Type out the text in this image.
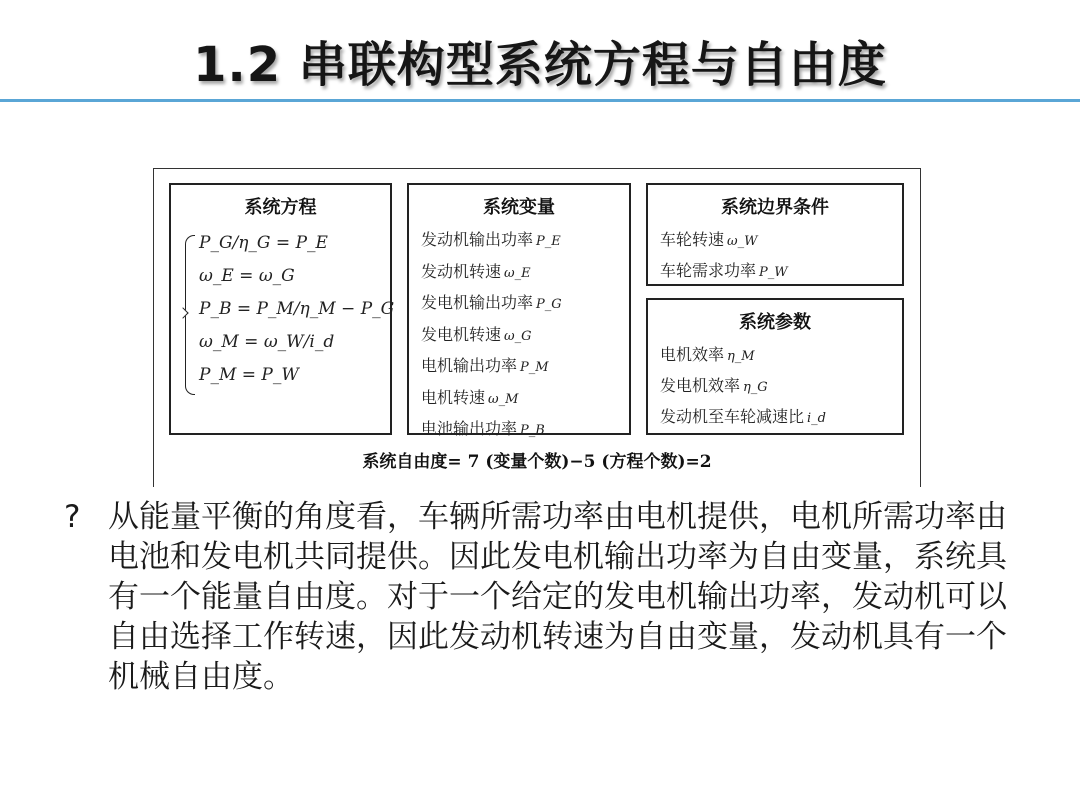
1.2 串联构型系统方程与自由度
系统方程
P_G/η_G = P_E
ω_E = ω_G
P_B = P_M/η_M − P_G
ω_M = ω_W/i_d
P_M = P_W
系统变量
发动机输出功率 P_E
发动机转速 ω_E
发电机输出功率 P_G
发电机转速 ω_G
电机输出功率 P_M
电机转速 ω_M
电池输出功率 P_B
系统边界条件
车轮转速 ω_W
车轮需求功率 P_W
系统参数
电机效率 η_M
发电机效率 η_G
发动机至车轮减速比 i_d
系统自由度= 7 (变量个数)−5 (方程个数)=2
? 从能量平衡的角度看，车辆所需功率由电机提供，电机所需功率由电池和发电机共同提供。因此发电机输出功率为自由变量，系统具有一个能量自由度。对于一个给定的发电机输出功率，发动机可以自由选择工作转速，因此发动机转速为自由变量，发动机具有一个机械自由度。
